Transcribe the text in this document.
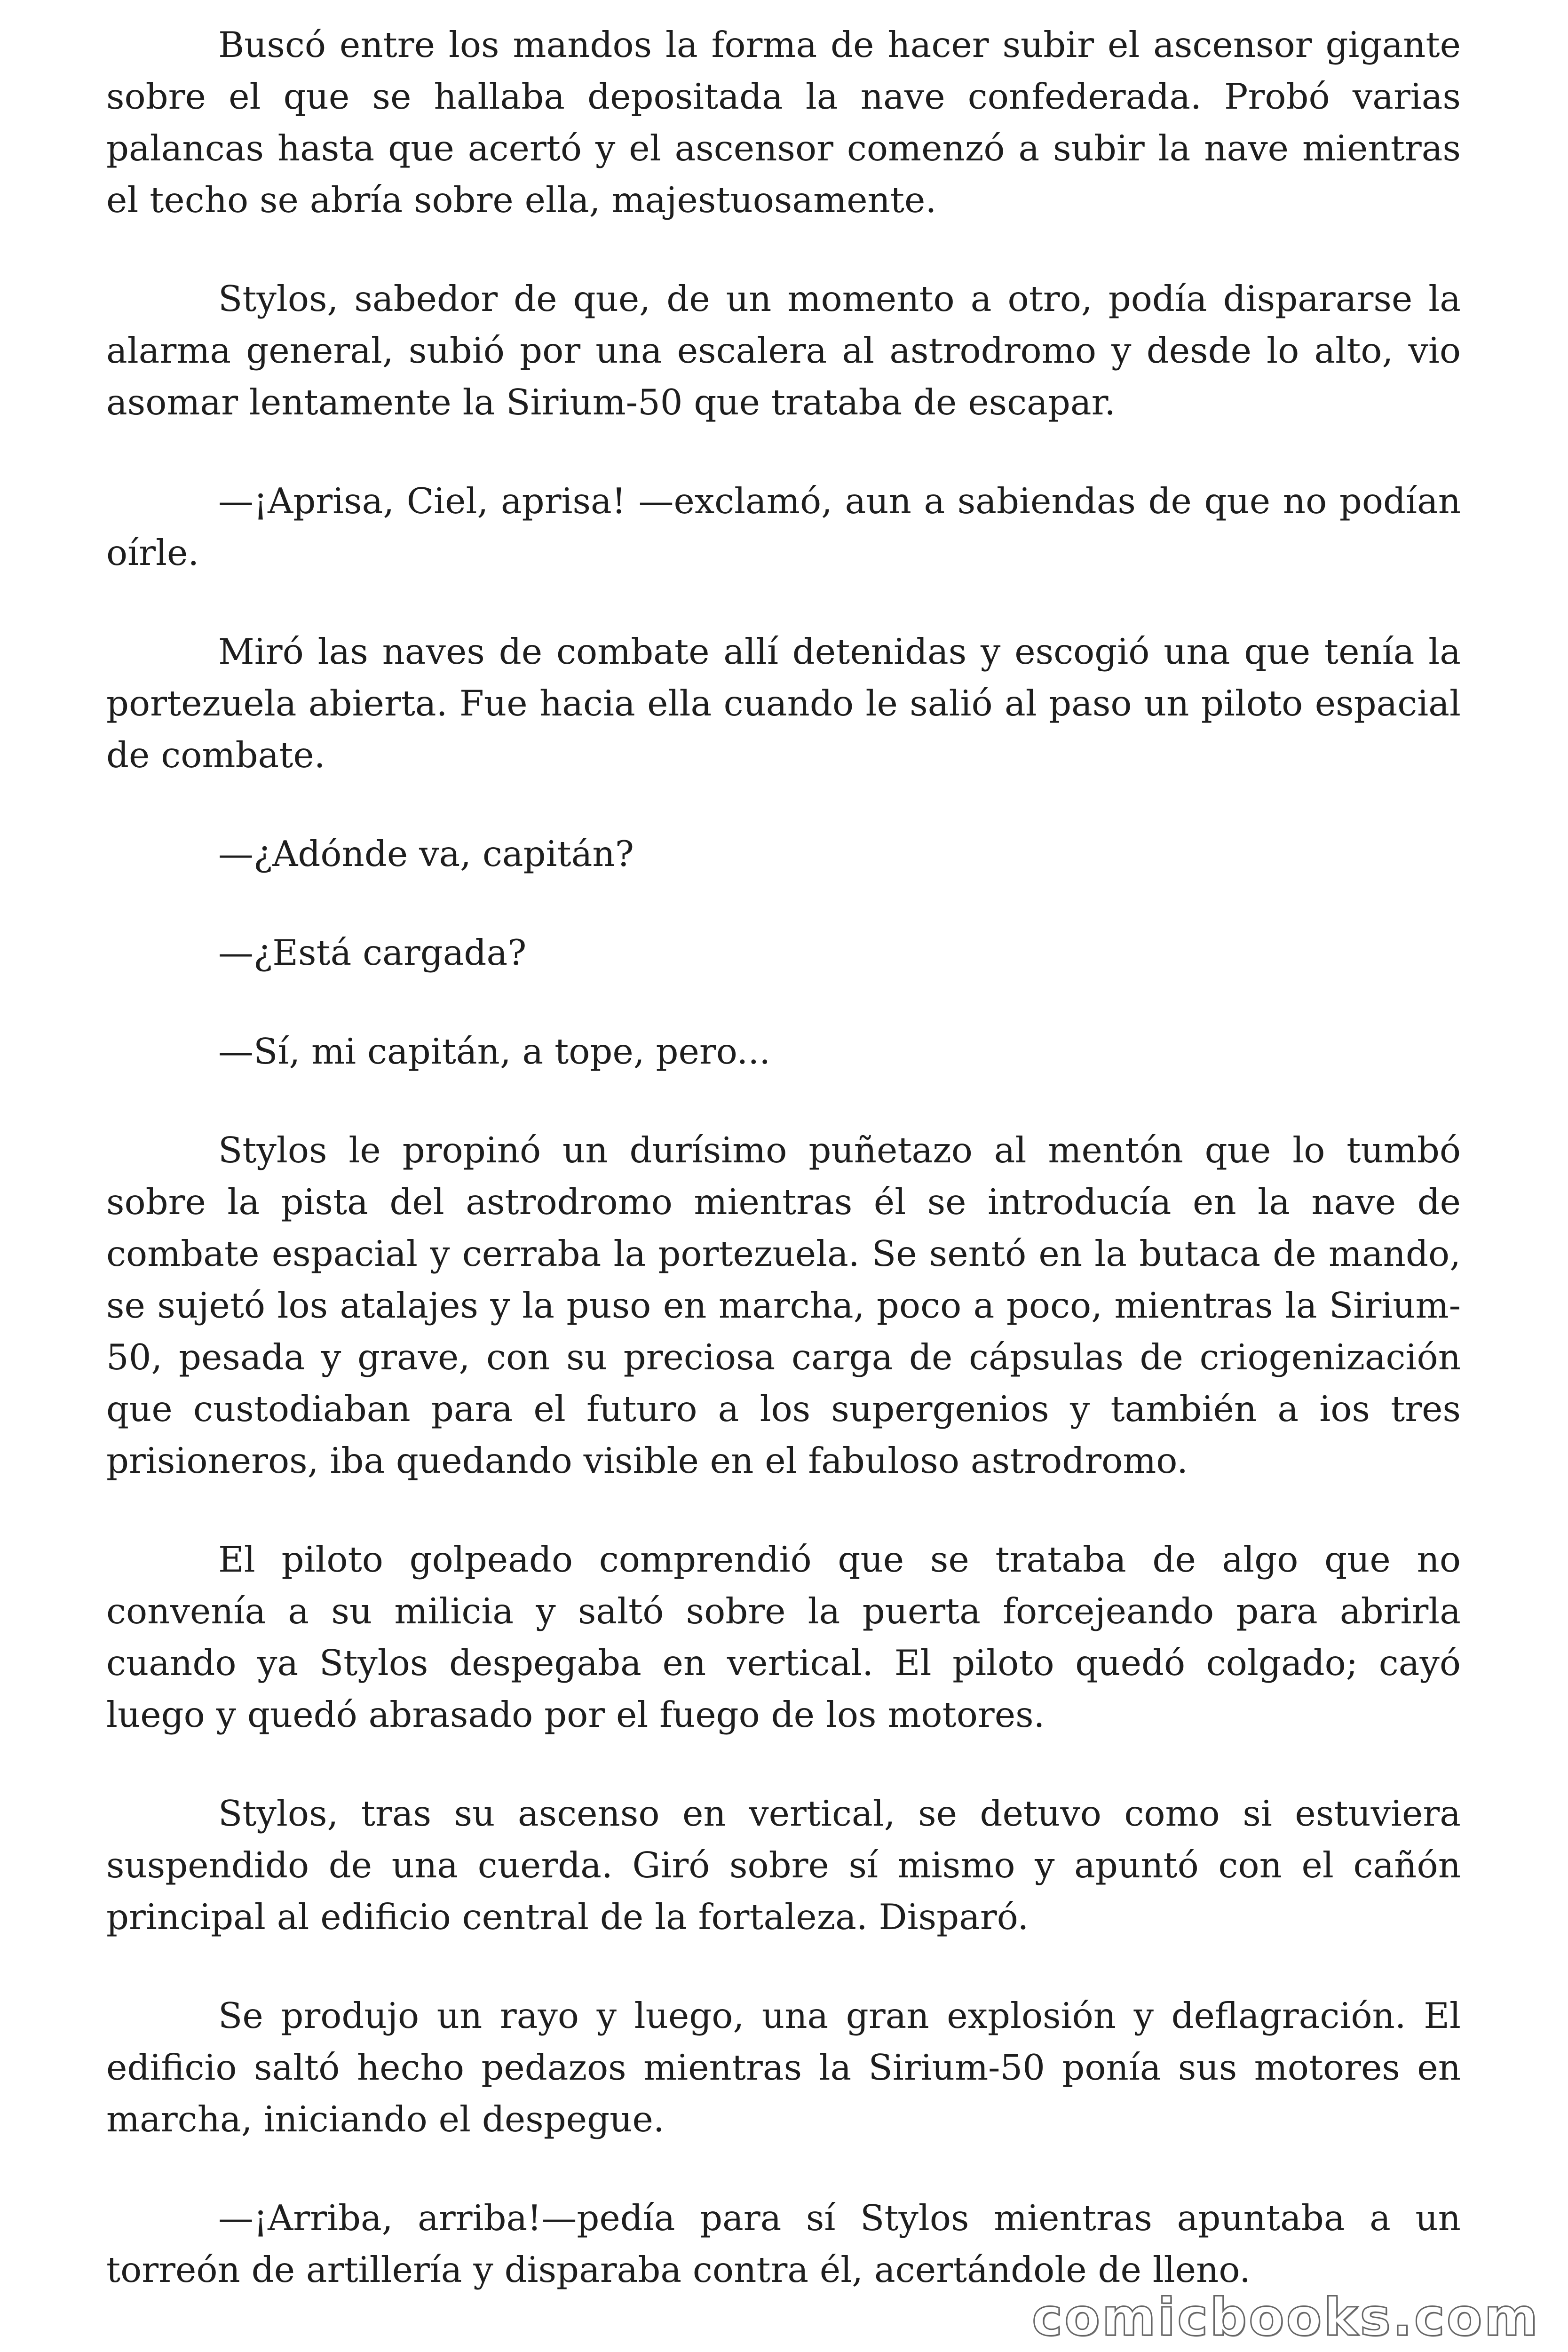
Buscó entre los mandos la forma de hacer subir el ascensor gigante sobre el que se hallaba depositada la nave confederada. Probó varias palancas hasta que acertó y el ascensor comenzó a subir la nave mientras el techo se abría sobre ella, majestuosamente.

Stylos, sabedor de que, de un momento a otro, podía dispararse la alarma general, subió por una escalera al astrodromo y desde lo alto, vio asomar lentamente la Sirium-50 que trataba de escapar.

—¡Aprisa, Ciel, aprisa! —exclamó, aun a sabiendas de que no podían oírle.

Miró las naves de combate allí detenidas y escogió una que tenía la portezuela abierta. Fue hacia ella cuando le salió al paso un piloto espacial de combate.

—¿Adónde va, capitán?

—¿Está cargada?

—Sí, mi capitán, a tope, pero...

Stylos le propinó un durísimo puñetazo al mentón que lo tumbó sobre la pista del astrodromo mientras él se introducía en la nave de combate espacial y cerraba la portezuela. Se sentó en la butaca de mando, se sujetó los atalajes y la puso en marcha, poco a poco, mientras la Sirium-50, pesada y grave, con su preciosa carga de cápsulas de criogenización que custodiaban para el futuro a los supergenios y también a ios tres prisioneros, iba quedando visible en el fabuloso astrodromo.

El piloto golpeado comprendió que se trataba de algo que no convenía a su milicia y saltó sobre la puerta forcejeando para abrirla cuando ya Stylos despegaba en vertical. El piloto quedó colgado; cayó luego y quedó abrasado por el fuego de los motores.

Stylos, tras su ascenso en vertical, se detuvo como si estuviera suspendido de una cuerda. Giró sobre sí mismo y apuntó con el cañón principal al edificio central de la fortaleza. Disparó.

Se produjo un rayo y luego, una gran explosión y deflagración. El edificio saltó hecho pedazos mientras la Sirium-50 ponía sus motores en marcha, iniciando el despegue.

—¡Arriba, arriba!—pedía para sí Stylos mientras apuntaba a un torreón de artillería y disparaba contra él, acertándole de lleno.

comicbooks.com
